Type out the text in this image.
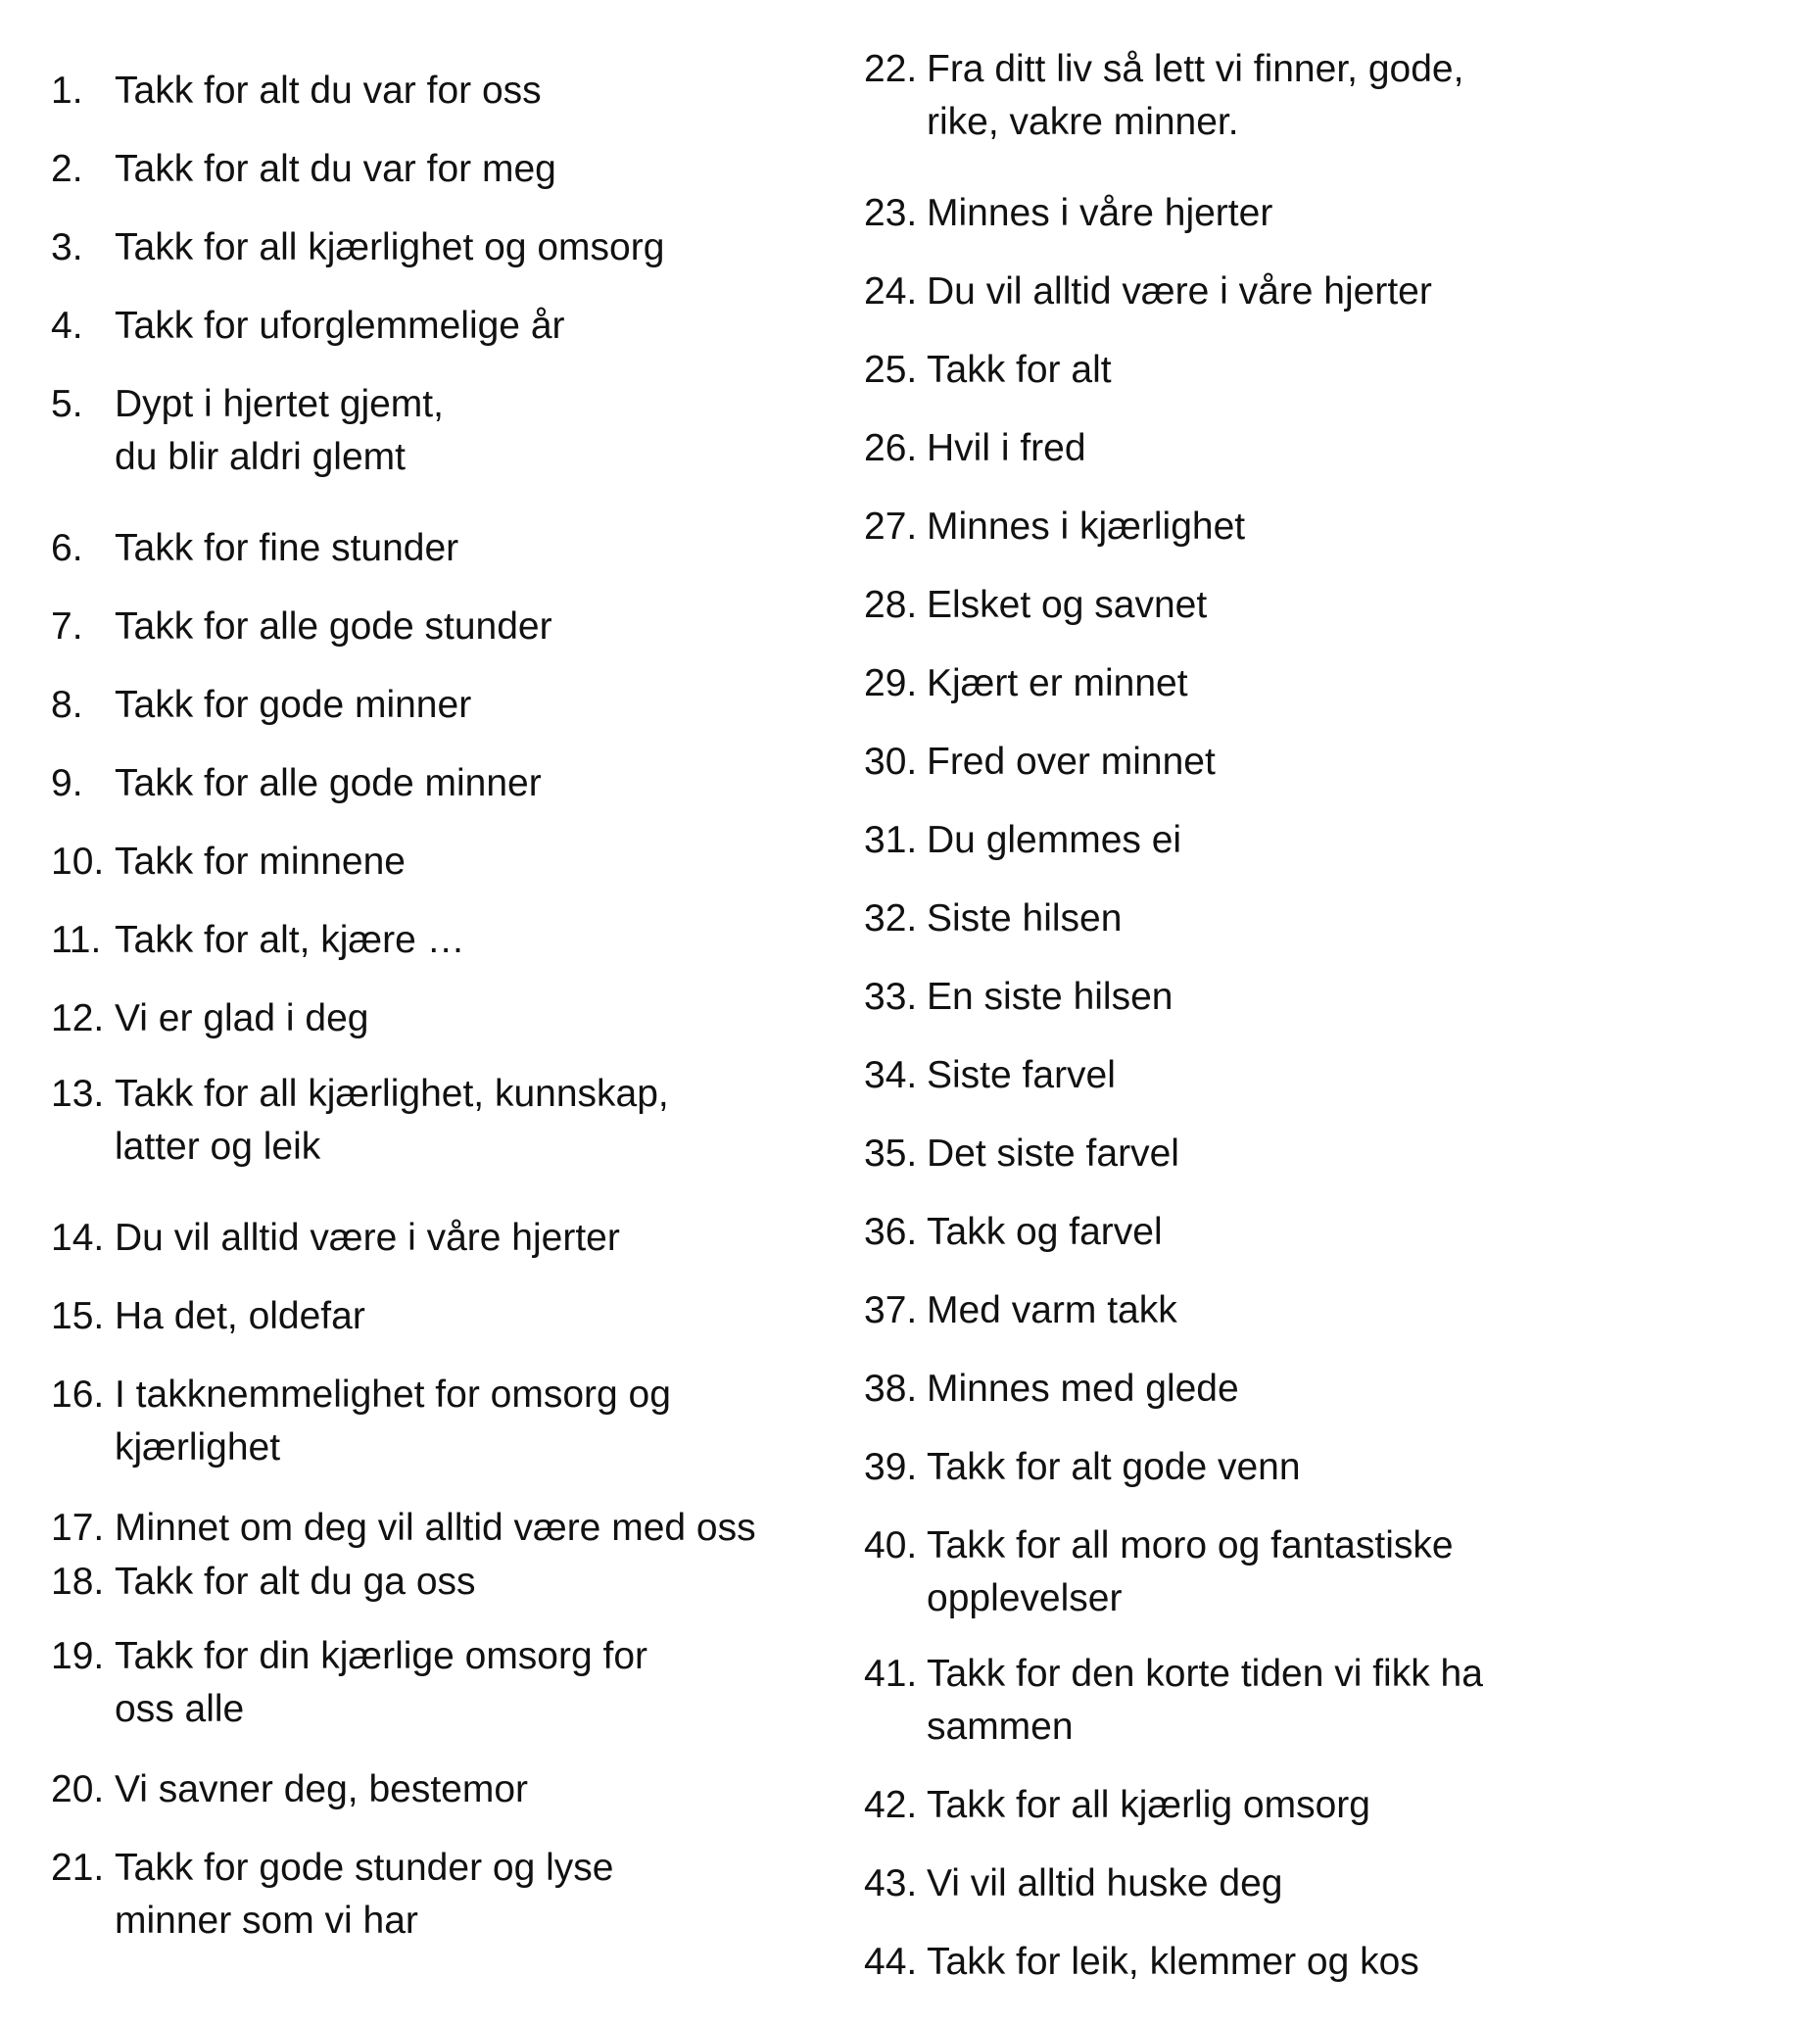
1. Takk for alt du var for oss
2. Takk for alt du var for meg
3. Takk for all kjærlighet og omsorg
4. Takk for uforglemmelige år
5. Dypt i hjertet gjemt,
du blir aldri glemt
6. Takk for fine stunder
7. Takk for alle gode stunder
8. Takk for gode minner
9. Takk for alle gode minner
10. Takk for minnene
11. Takk for alt, kjære …
12. Vi er glad i deg
13. Takk for all kjærlighet, kunnskap,
latter og leik
14. Du vil alltid være i våre hjerter
15. Ha det, oldefar
16. I takknemmelighet for omsorg og
kjærlighet
17. Minnet om deg vil alltid være med oss
18. Takk for alt du ga oss
19. Takk for din kjærlige omsorg for
oss alle
20. Vi savner deg, bestemor
21. Takk for gode stunder og lyse
minner som vi har
22. Fra ditt liv så lett vi finner, gode,
rike, vakre minner.
23. Minnes i våre hjerter
24. Du vil alltid være i våre hjerter
25. Takk for alt
26. Hvil i fred
27. Minnes i kjærlighet
28. Elsket og savnet
29. Kjært er minnet
30. Fred over minnet
31. Du glemmes ei
32. Siste hilsen
33. En siste hilsen
34. Siste farvel
35. Det siste farvel
36. Takk og farvel
37. Med varm takk
38. Minnes med glede
39. Takk for alt gode venn
40. Takk for all moro og fantastiske
opplevelser
41. Takk for den korte tiden vi fikk ha
sammen
42. Takk for all kjærlig omsorg
43. Vi vil alltid huske deg
44. Takk for leik, klemmer og kos
